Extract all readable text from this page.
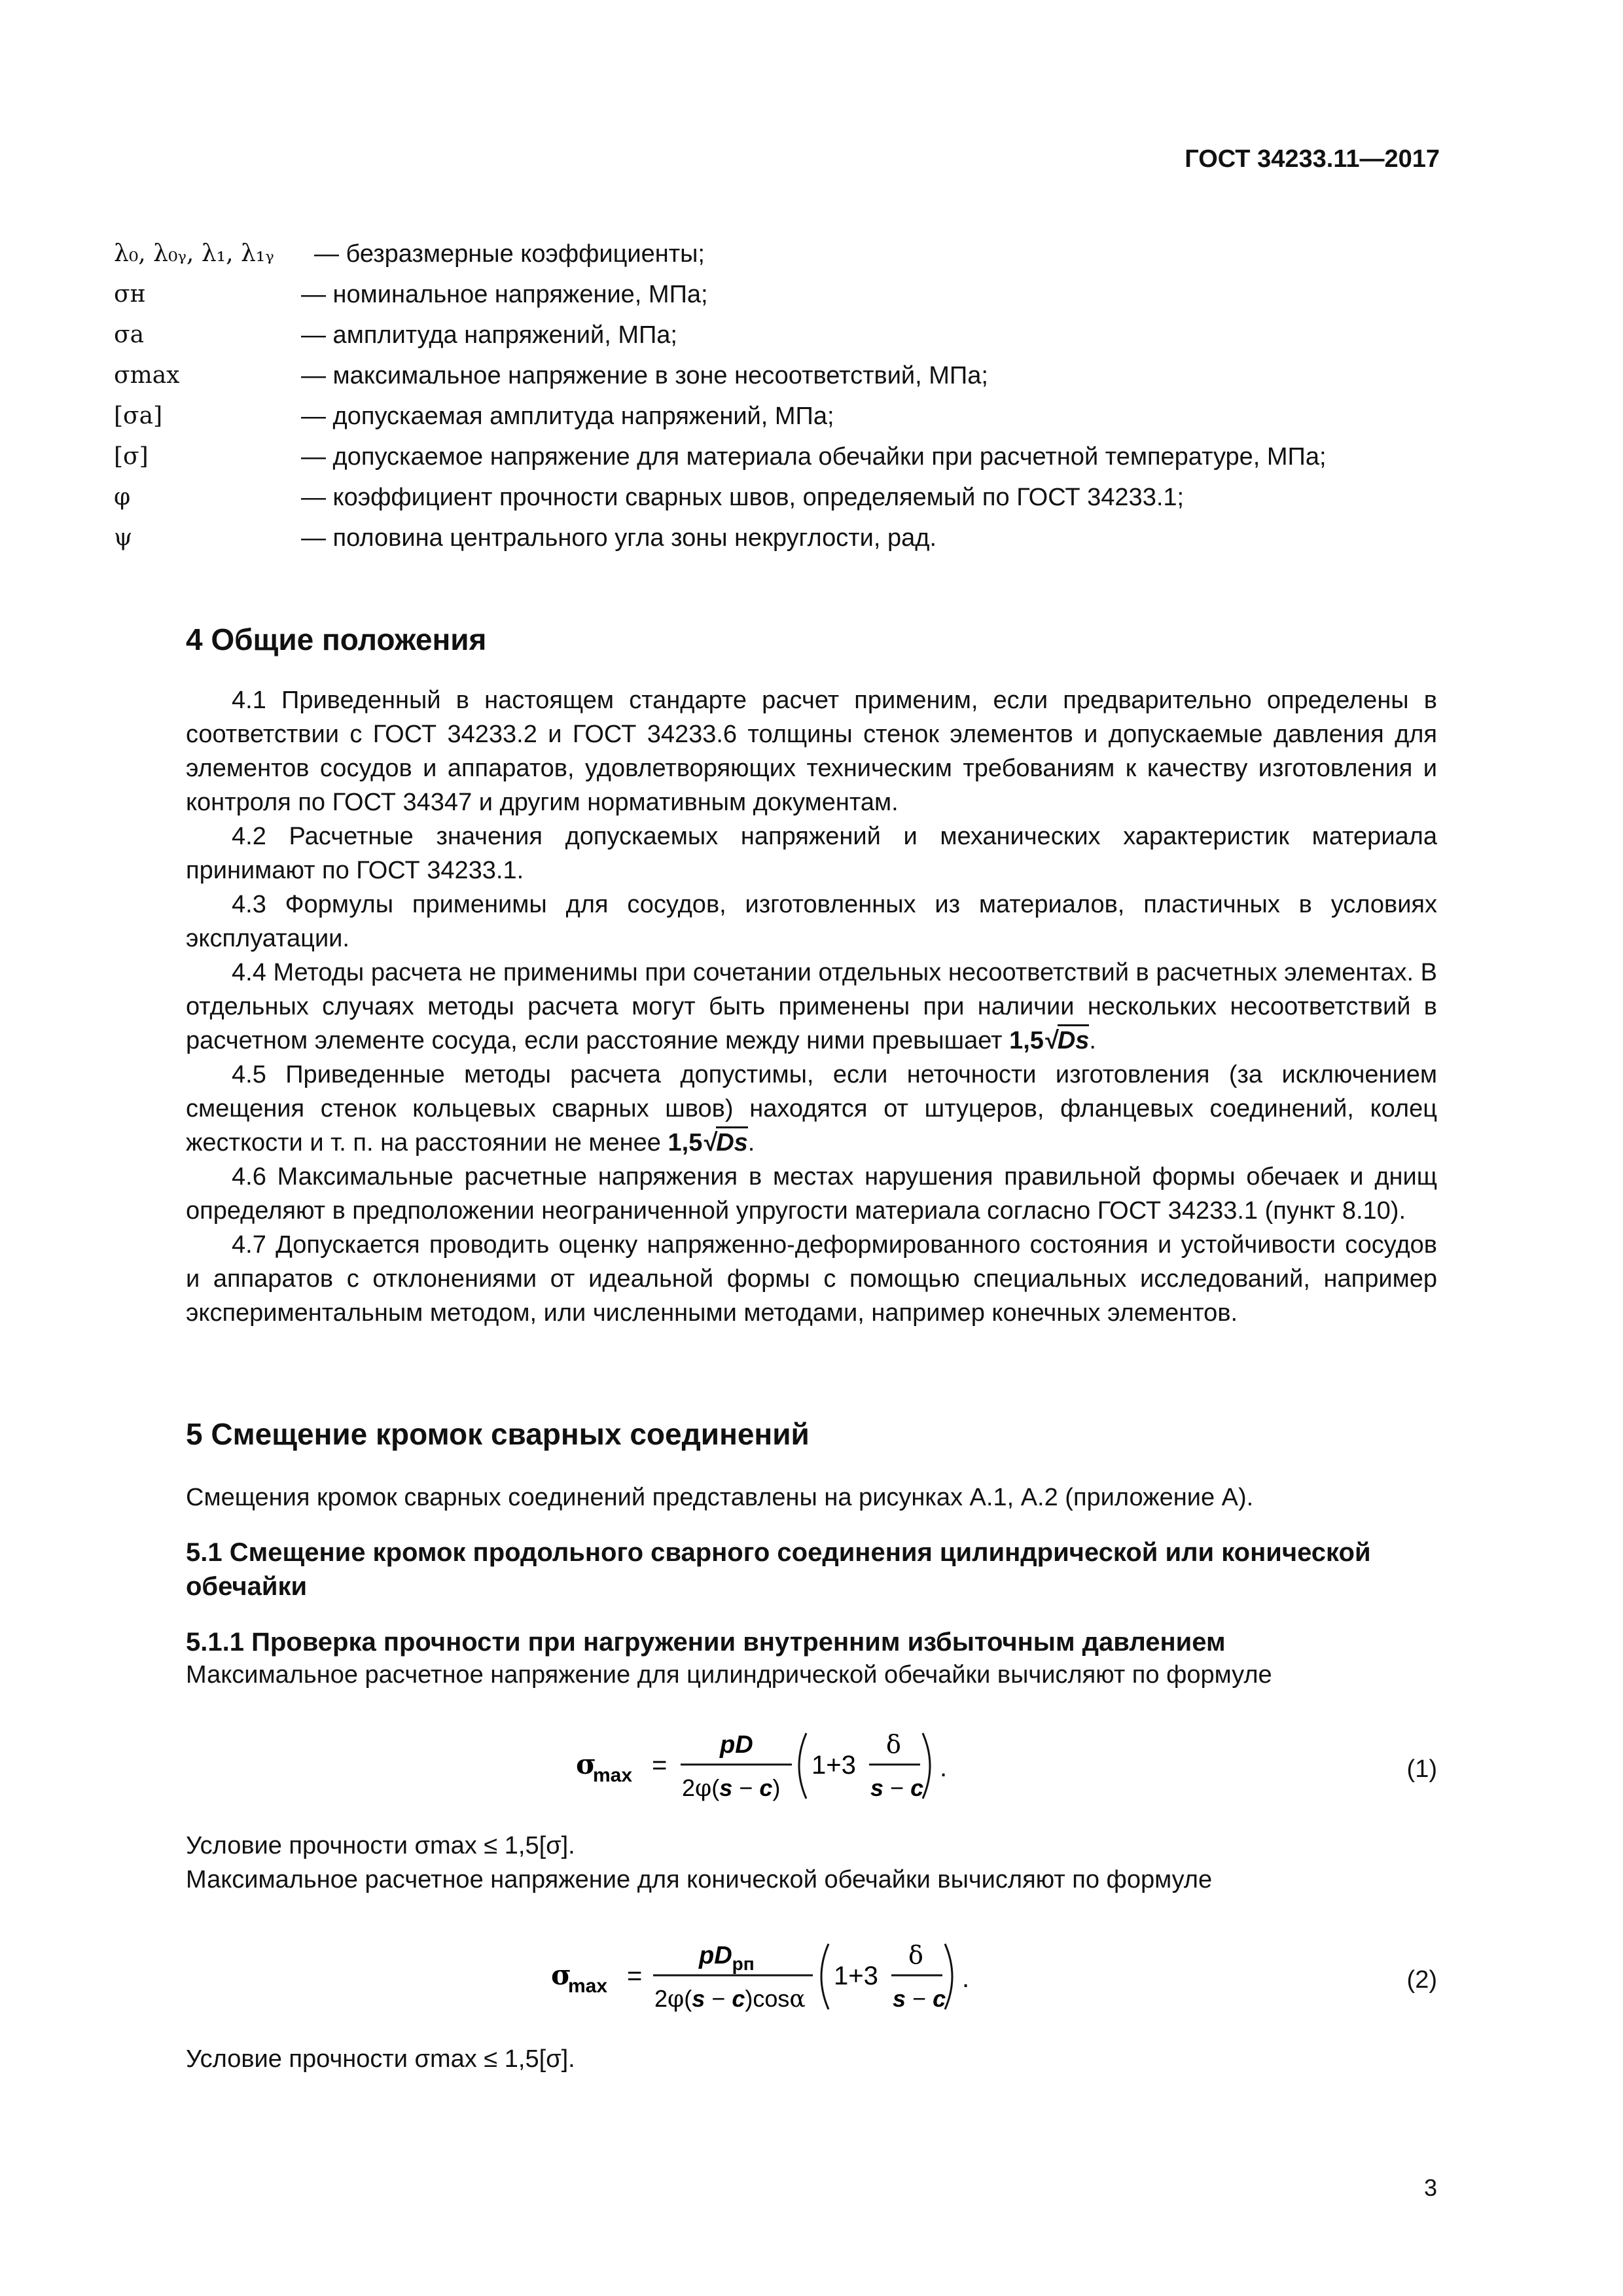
ГОСТ 34233.11—2017
λ₀, λ₀ᵧ, λ₁, λ₁ᵧ — безразмерные коэффициенты;
σн	— номинальное напряжение, МПа;
σa	— амплитуда напряжений, МПа;
σmax	— максимальное напряжение в зоне несоответствий, МПа;
[σa]	— допускаемая амплитуда напряжений, МПа;
[σ]	— допускаемое напряжение для материала обечайки при расчетной температуре, МПа;
φ	— коэффициент прочности сварных швов, определяемый по ГОСТ 34233.1;
ψ	— половина центрального угла зоны некруглости, рад.
4 Общие положения

4.1 Приведенный в настоящем стандарте расчет применим, если предварительно определены в соответствии с ГОСТ 34233.2 и ГОСТ 34233.6 толщины стенок элементов и допускаемые давления для элементов сосудов и аппаратов, удовлетворяющих техническим требованиям к качеству изготовления и контроля по ГОСТ 34347 и другим нормативным документам.

4.2 Расчетные значения допускаемых напряжений и механических характеристик материала принимают по ГОСТ 34233.1.

4.3 Формулы применимы для сосудов, изготовленных из материалов, пластичных в условиях эксплуатации.

4.4 Методы расчета не применимы при сочетании отдельных несоответствий в расчетных элементах. В отдельных случаях методы расчета могут быть применены при наличии нескольких несоответствий в расчетном элементе сосуда, если расстояние между ними превышает 1,5√Ds.

4.5 Приведенные методы расчета допустимы, если неточности изготовления (за исключением смещения стенок кольцевых сварных швов) находятся от штуцеров, фланцевых соединений, колец жесткости и т. п. на расстоянии не менее 1,5√Ds.

4.6 Максимальные расчетные напряжения в местах нарушения правильной формы обечаек и днищ определяют в предположении неограниченной упругости материала согласно ГОСТ 34233.1 (пункт 8.10).

4.7 Допускается проводить оценку напряженно-деформированного состояния и устойчивости сосудов и аппаратов с отклонениями от идеальной формы с помощью специальных исследований, например экспериментальным методом, или численными методами, например конечных элементов.

5 Смещение кромок сварных соединений
Смещения кромок сварных соединений представлены на рисунках А.1, А.2 (приложение А).
5.1 Смещение кромок продольного сварного соединения цилиндрической или конической обечайки
5.1.1 Проверка прочности при нагружении внутренним избыточным давлением
Максимальное расчетное напряжение для цилиндрической обечайки вычисляют по формуле
σ
max =
pD
2φ(s − c)
1+3
δ
s − c
.	(1)
Условие прочности σmax ≤ 1,5[σ].
Максимальное расчетное напряжение для конической обечайки вычисляют по формуле
σ
max =
$pD_{рп}$
2φ(s − c)cosα
1+3
δ
s − c
.	(2)
Условие прочности σmax ≤ 1,5[σ].
3
